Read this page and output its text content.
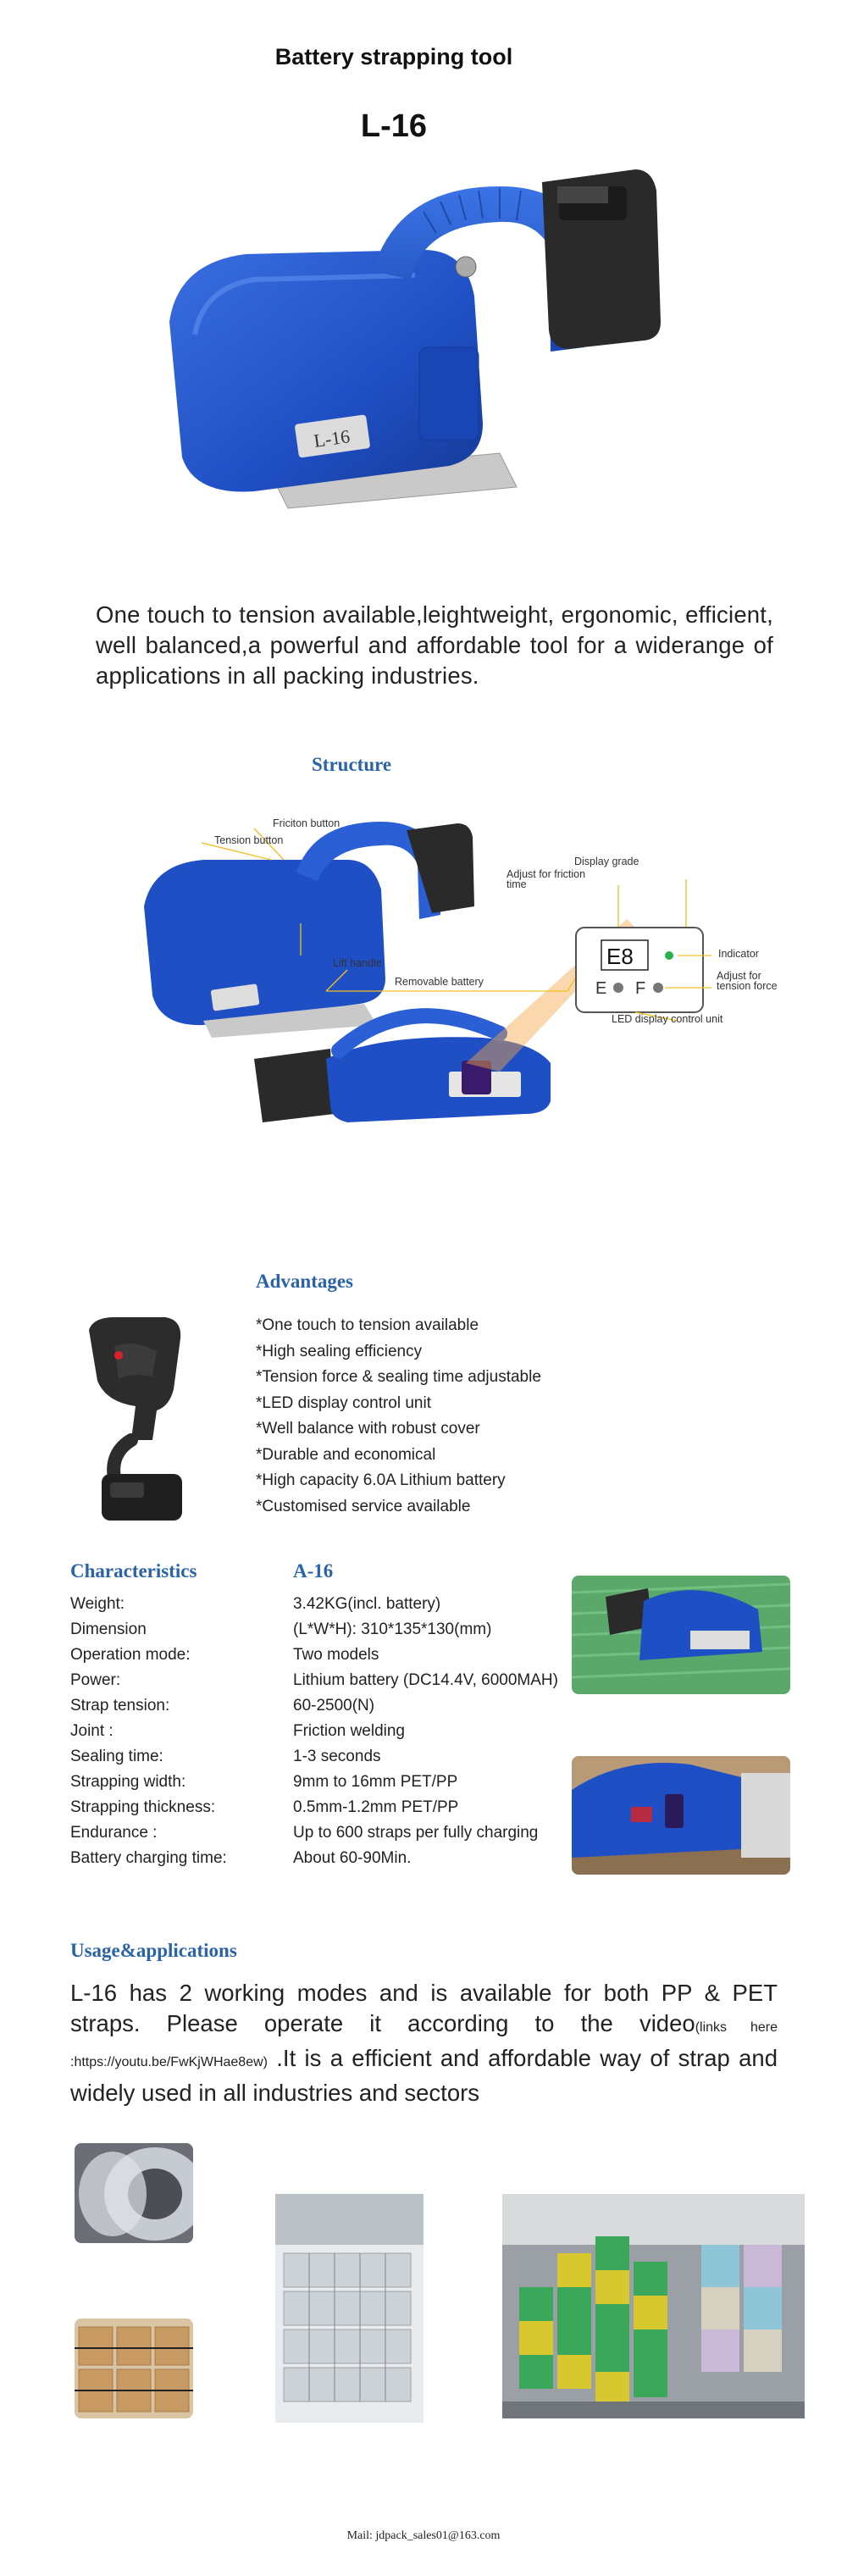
Battery strapping tool
L-16
L-16
One touch to tension available,leightweight, ergonomic, efficient, well balanced,a powerful and affordable tool for a widerange of applications in all packing industries.
Structure
E8
E F
Friciton button
Tension button
Display grade
Adjust for friction time
Lift handle
Removable battery
Indicator
Adjust for tension force
LED display control unit
Advantages
*One touch to tension available
*High sealing efficiency
*Tension force & sealing time adjustable
*LED display control unit
*Well balance with robust cover
*Durable and economical
*High capacity 6.0A Lithium battery
*Customised service available
Characteristics	A-16
Weight:	3.42KG(incl. battery)
Dimension	(L*W*H): 310*135*130(mm)
Operation mode:	Two models
Power:	Lithium battery (DC14.4V, 6000MAH)
Strap tension:	60-2500(N)
Joint :	Friction welding
Sealing time:	1-3 seconds
Strapping width:	9mm to 16mm PET/PP
Strapping thickness:	0.5mm-1.2mm PET/PP
Endurance :	Up to 600 straps per fully charging
Battery charging time:	About 60-90Min.
Usage&applications
L-16 has 2 working modes and is available for both PP & PET straps. Please operate it according to the video(links here :https://youtu.be/FwKjWHae8ew) .It is a efficient and affordable way of strap and widely used in all industries and sectors
Mail: jdpack_sales01@163.com
